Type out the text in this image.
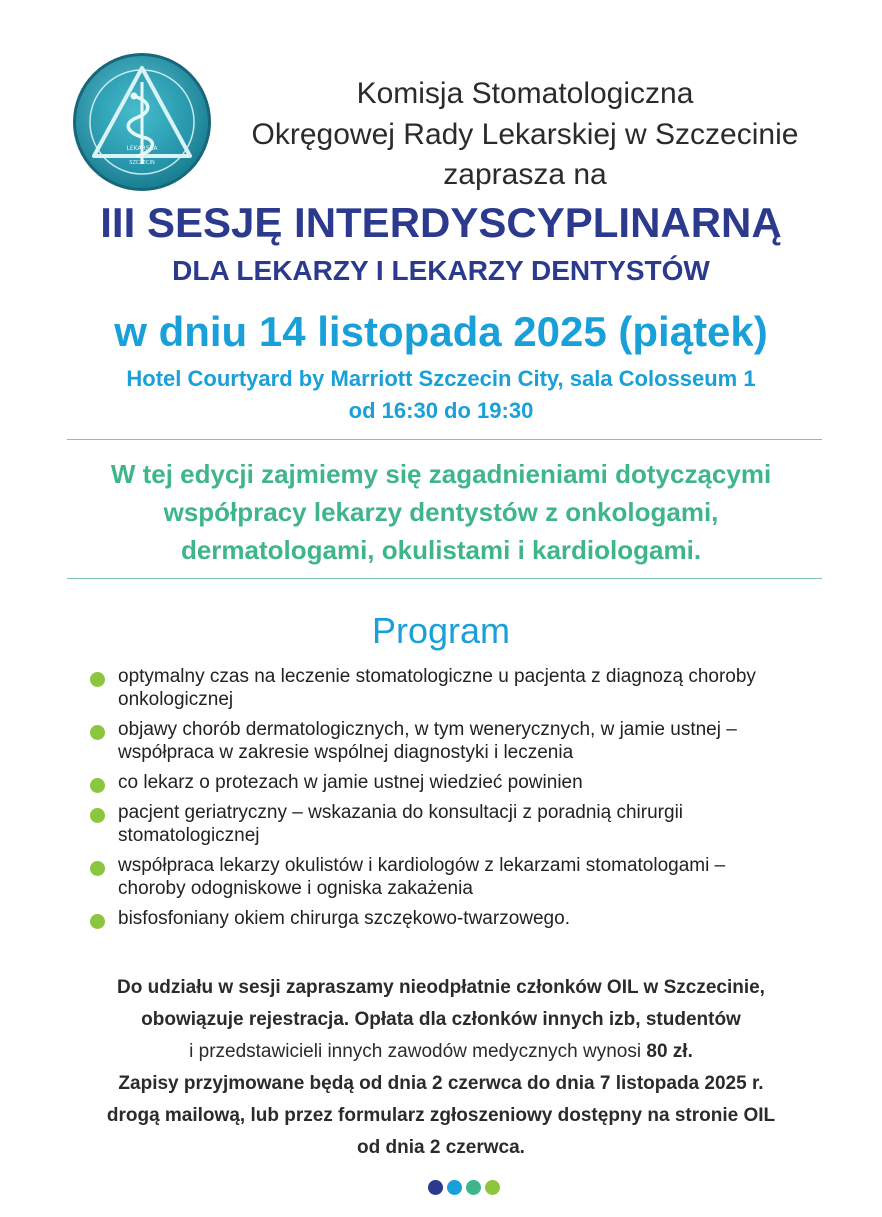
LEKARSKA
SZCZECIN
Komisja Stomatologiczna
Okręgowej Rady Lekarskiej w Szczecinie
zaprasza na
III SESJĘ INTERDYSCYPLINARNĄ
DLA LEKARZY I LEKARZY DENTYSTÓW
w dniu 14 listopada 2025 (piątek)
Hotel Courtyard by Marriott Szczecin City, sala Colosseum 1
od 16:30 do 19:30
W tej edycji zajmiemy się zagadnieniami dotyczącymi
współpracy lekarzy dentystów z onkologami,
dermatologami, okulistami i kardiologami.
Program
optymalny czas na leczenie stomatologiczne u pacjenta z diagnozą choroby
onkologicznej
objawy chorób dermatologicznych, w tym wenerycznych, w jamie ustnej –
współpraca w zakresie wspólnej diagnostyki i leczenia
co lekarz o protezach w jamie ustnej wiedzieć powinien
pacjent geriatryczny – wskazania do konsultacji z poradnią chirurgii
stomatologicznej
współpraca lekarzy okulistów i kardiologów z lekarzami stomatologami –
choroby odogniskowe i ogniska zakażenia
bisfosfoniany okiem chirurga szczękowo-twarzowego.
Do udziału w sesji zapraszamy nieodpłatnie członków OIL w Szczecinie,
obowiązuje rejestracja. Opłata dla członków innych izb, studentów
i przedstawicieli innych zawodów medycznych wynosi 80 zł.
Zapisy przyjmowane będą od dnia 2 czerwca do dnia 7 listopada 2025 r.
drogą mailową, lub przez formularz zgłoszeniowy dostępny na stronie OIL
od dnia 2 czerwca.
